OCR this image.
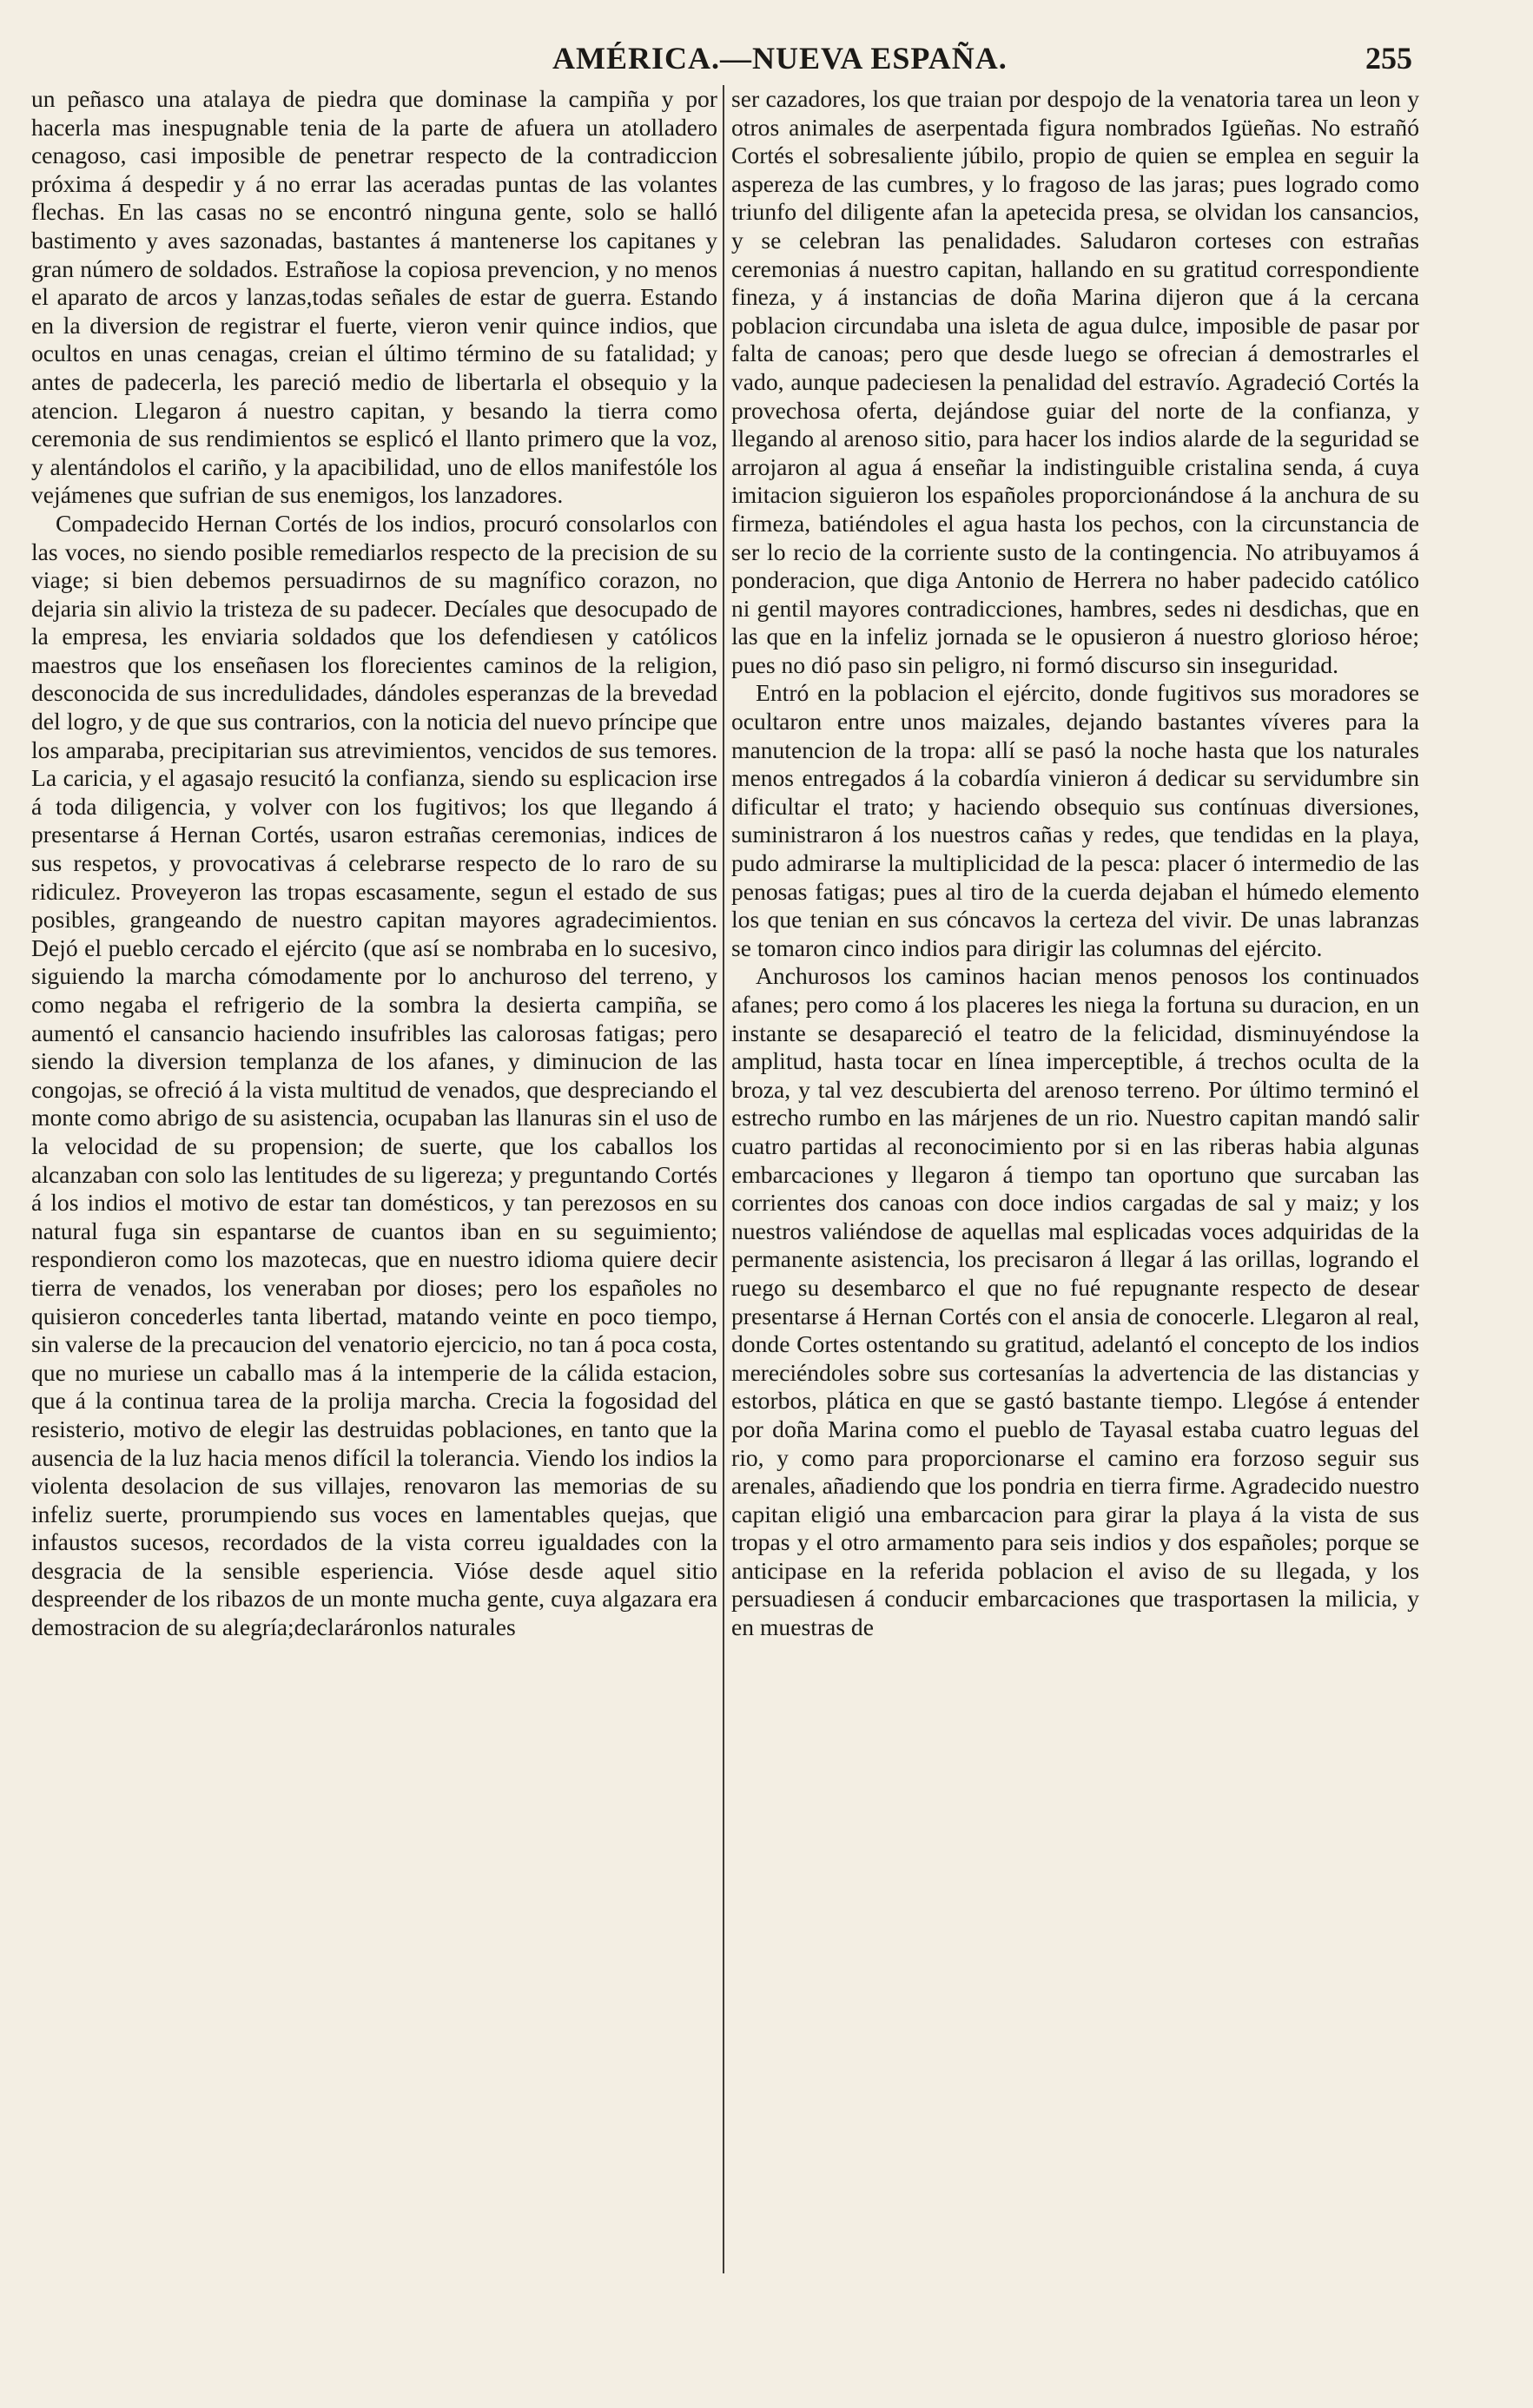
AMÉRICA.—NUEVA ESPAÑA.	255

un peñasco una atalaya de piedra que dominase la campiña y por hacerla mas inespugnable tenia de la parte de afuera un atolladero cenagoso, casi imposible de penetrar respecto de la contradiccion próxima á despedir y á no errar las aceradas puntas de las volantes flechas. En las casas no se encontró ninguna gente, solo se halló bastimento y aves sazonadas, bastantes á mantenerse los capitanes y gran número de soldados. Estrañose la copiosa prevencion, y no menos el aparato de arcos y lanzas,todas señales de estar de guerra. Estando en la diversion de registrar el fuerte, vieron venir quince indios, que ocultos en unas cenagas, creian el último término de su fatalidad; y antes de padecerla, les pareció medio de libertarla el obsequio y la atencion. Llegaron á nuestro capitan, y besando la tierra como ceremonia de sus rendimientos se esplicó el llanto primero que la voz, y alentándolos el cariño, y la apacibilidad, uno de ellos manifestóle los vejámenes que sufrian de sus enemigos, los lanzadores.

Compadecido Hernan Cortés de los indios, procuró consolarlos con las voces, no siendo posible remediarlos respecto de la precision de su viage; si bien debemos persuadirnos de su magnífico corazon, no dejaria sin alivio la tristeza de su padecer. Decíales que desocupado de la empresa, les enviaria soldados que los defendiesen y católicos maestros que los enseñasen los florecientes caminos de la religion, desconocida de sus incredulidades, dándoles esperanzas de la brevedad del logro, y de que sus contrarios, con la noticia del nuevo príncipe que los amparaba, precipitarian sus atrevimientos, vencidos de sus temores. La caricia, y el agasajo resucitó la confianza, siendo su esplicacion irse á toda diligencia, y volver con los fugitivos; los que llegando á presentarse á Hernan Cortés, usaron estrañas ceremonias, indices de sus respetos, y provocativas á celebrarse respecto de lo raro de su ridiculez. Proveyeron las tropas escasamente, segun el estado de sus posibles, grangeando de nuestro capitan mayores agradecimientos. Dejó el pueblo cercado el ejército (que así se nombraba en lo sucesivo, siguiendo la marcha cómodamente por lo anchuroso del terreno, y como negaba el refrigerio de la sombra la desierta campiña, se aumentó el cansancio haciendo insufribles las calorosas fatigas; pero siendo la diversion templanza de los afanes, y diminucion de las congojas, se ofreció á la vista multitud de venados, que despreciando el monte como abrigo de su asistencia, ocupaban las llanuras sin el uso de la velocidad de su propension; de suerte, que los caballos los alcanzaban con solo las lentitudes de su ligereza; y preguntando Cortés á los indios el motivo de estar tan domésticos, y tan perezosos en su natural fuga sin espantarse de cuantos iban en su seguimiento; respondieron como los mazotecas, que en nuestro idioma quiere decir tierra de venados, los veneraban por dioses; pero los españoles no quisieron concederles tanta libertad, matando veinte en poco tiempo, sin valerse de la precaucion del venatorio ejercicio, no tan á poca costa, que no muriese un caballo mas á la intemperie de la cálida estacion, que á la continua tarea de la prolija marcha. Crecia la fogosidad del resisterio, motivo de elegir las destruidas poblaciones, en tanto que la ausencia de la luz hacia menos difícil la tolerancia. Viendo los indios la violenta desolacion de sus villajes, renovaron las memorias de su infeliz suerte, prorumpiendo sus voces en lamentables quejas, que infaustos sucesos, recordados de la vista correu igualdades con la desgracia de la sensible esperiencia. Vióse desde aquel sitio despreender de los ribazos de un monte mucha gente, cuya algazara era demostracion de su alegría;declaráronlos naturales

ser cazadores, los que traian por despojo de la venatoria tarea un leon y otros animales de aserpentada figura nombrados Igüeñas. No estrañó Cortés el sobresaliente júbilo, propio de quien se emplea en seguir la aspereza de las cumbres, y lo fragoso de las jaras; pues logrado como triunfo del diligente afan la apetecida presa, se olvidan los cansancios, y se celebran las penalidades. Saludaron corteses con estrañas ceremonias á nuestro capitan, hallando en su gratitud correspondiente fineza, y á instancias de doña Marina dijeron que á la cercana poblacion circundaba una isleta de agua dulce, imposible de pasar por falta de canoas; pero que desde luego se ofrecian á demostrarles el vado, aunque padeciesen la penalidad del estravío. Agradeció Cortés la provechosa oferta, dejándose guiar del norte de la confianza, y llegando al arenoso sitio, para hacer los indios alarde de la seguridad se arrojaron al agua á enseñar la indistinguible cristalina senda, á cuya imitacion siguieron los españoles proporcionándose á la anchura de su firmeza, batiéndoles el agua hasta los pechos, con la circunstancia de ser lo recio de la corriente susto de la contingencia. No atribuyamos á ponderacion, que diga Antonio de Herrera no haber padecido católico ni gentil mayores contradicciones, hambres, sedes ni desdichas, que en las que en la infeliz jornada se le opusieron á nuestro glorioso héroe; pues no dió paso sin peligro, ni formó discurso sin inseguridad.

Entró en la poblacion el ejército, donde fugitivos sus moradores se ocultaron entre unos maizales, dejando bastantes víveres para la manutencion de la tropa: allí se pasó la noche hasta que los naturales menos entregados á la cobardía vinieron á dedicar su servidumbre sin dificultar el trato; y haciendo obsequio sus contínuas diversiones, suministraron á los nuestros cañas y redes, que tendidas en la playa, pudo admirarse la multiplicidad de la pesca: placer ó intermedio de las penosas fatigas; pues al tiro de la cuerda dejaban el húmedo elemento los que tenian en sus cóncavos la certeza del vivir. De unas labranzas se tomaron cinco indios para dirigir las columnas del ejército.

Anchurosos los caminos hacian menos penosos los continuados afanes; pero como á los placeres les niega la fortuna su duracion, en un instante se desapareció el teatro de la felicidad, disminuyéndose la amplitud, hasta tocar en línea imperceptible, á trechos oculta de la broza, y tal vez descubierta del arenoso terreno. Por último terminó el estrecho rumbo en las márjenes de un rio. Nuestro capitan mandó salir cuatro partidas al reconocimiento por si en las riberas habia algunas embarcaciones y llegaron á tiempo tan oportuno que surcaban las corrientes dos canoas con doce indios cargadas de sal y maiz; y los nuestros valiéndose de aquellas mal esplicadas voces adquiridas de la permanente asistencia, los precisaron á llegar á las orillas, logrando el ruego su desembarco el que no fué repugnante respecto de desear presentarse á Hernan Cortés con el ansia de conocerle. Llegaron al real, donde Cortes ostentando su gratitud, adelantó el concepto de los indios mereciéndoles sobre sus cortesanías la advertencia de las distancias y estorbos, plática en que se gastó bastante tiempo. Llegóse á entender por doña Marina como el pueblo de Tayasal estaba cuatro leguas del rio, y como para proporcionarse el camino era forzoso seguir sus arenales, añadiendo que los pondria en tierra firme. Agradecido nuestro capitan eligió una embarcacion para girar la playa á la vista de sus tropas y el otro armamento para seis indios y dos españoles; porque se anticipase en la referida poblacion el aviso de su llegada, y los persuadiesen á conducir embarcaciones que trasportasen la milicia, y en muestras de
